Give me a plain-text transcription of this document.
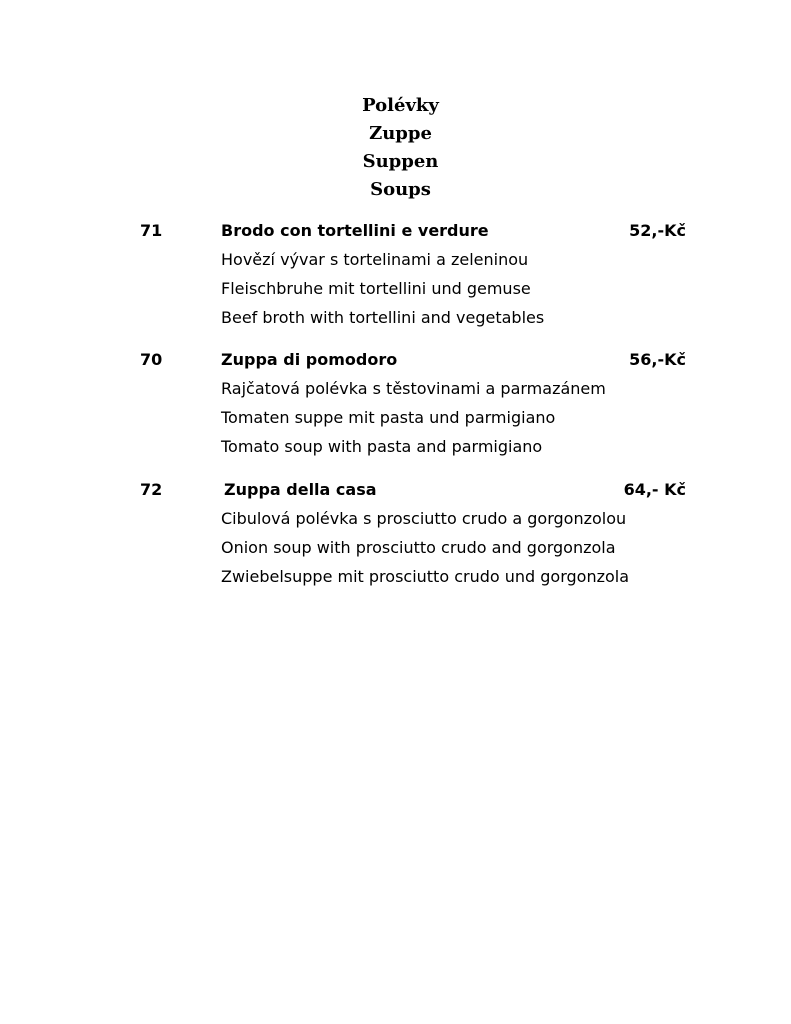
Polévky
Zuppe
Suppen
Soups
71	Brodo con tortellini e verdure	52,-Kč
Hovězí vývar s tortelinami a zeleninou
Fleischbruhe mit tortellini und gemuse
Beef broth with tortellini and vegetables
70	Zuppa di pomodoro	56,-Kč
Rajčatová polévka s těstovinami a parmazánem
Tomaten suppe mit pasta und parmigiano
Tomato soup with pasta and parmigiano
72	Zuppa della casa	64,- Kč
Cibulová polévka s prosciutto crudo a gorgonzolou
Onion soup with prosciutto crudo and gorgonzola
Zwiebelsuppe mit prosciutto crudo und gorgonzola
